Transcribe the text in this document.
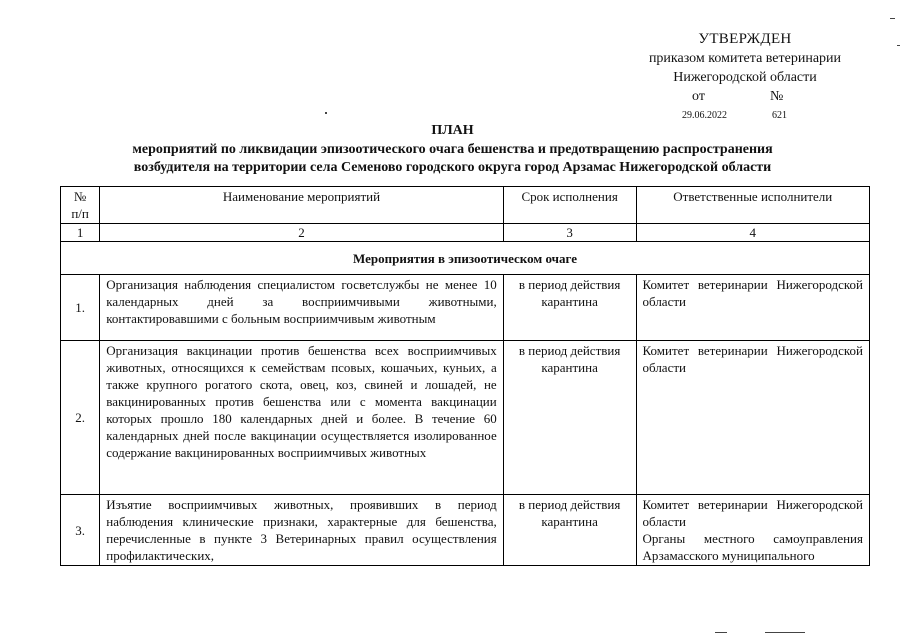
УТВЕРЖДЕН
приказом комитета ветеринарии
Нижегородской области
от	№
29.06.2022	621
ПЛАН
мероприятий по ликвидации эпизоотического очага бешенства и предотвращению распространения
возбудителя на территории села Семеново городского округа город Арзамас Нижегородской области
№
п/п	Наименование мероприятий	Срок исполнения	Ответственные исполнители
1	2	3	4
Мероприятия в эпизоотическом очаге			
1.	Организация наблюдения специалистом госветслужбы не менее 10 календарных дней за восприимчивыми животными, контактировавшими с больным восприимчивым животным	в период действия карантина	Комитет ветеринарии Нижегородской области

2.	Организация вакцинации против бешенства всех восприимчивых животных, относящихся к семействам псовых, кошачьих, куньих, а также крупного рогатого скота, овец, коз, свиней и лошадей, не вакцинированных против бешенства или с момента вакцинации которых прошло 180 календарных дней и более. В течение 60 календарных дней после вакцинации осуществляется изолированное содержание вакцинированных восприимчивых животных	в период действия карантина	Комитет ветеринарии Нижегородской области

3.	Изъятие восприимчивых животных, проявивших в период наблюдения клинические признаки, характерные для бешенства, перечисленные в пункте 3 Ветеринарных правил осуществления профилактических,	в период действия карантина	Комитет ветеринарии Нижегородской области
Органы местного самоуправления Арзамасского муниципального
